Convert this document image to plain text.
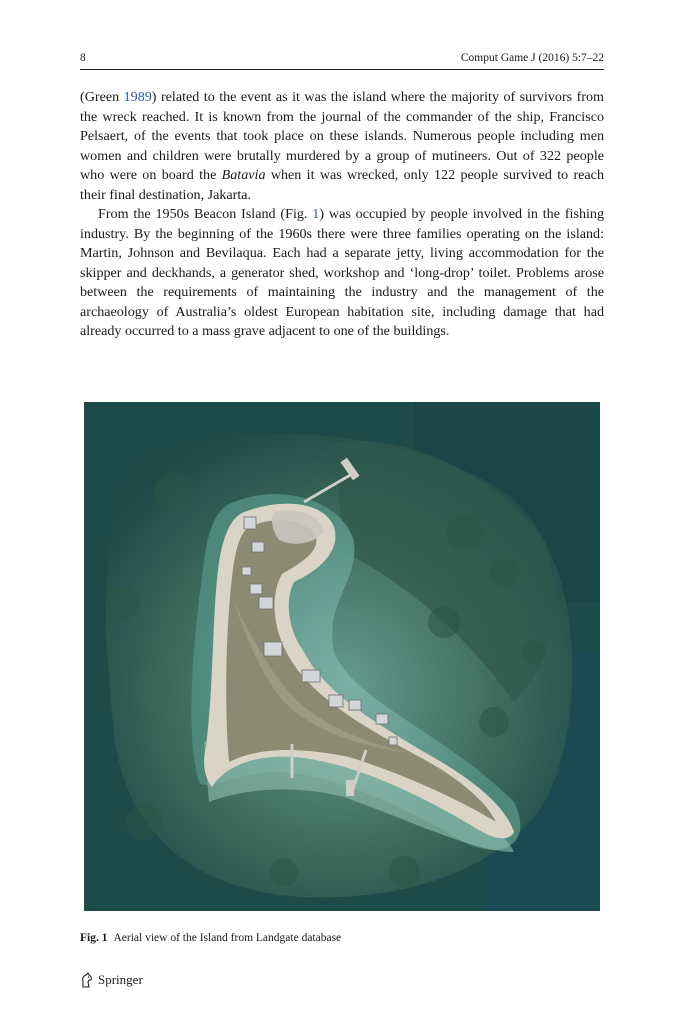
8	Comput Game J (2016) 5:7–22

(Green 1989) related to the event as it was the island where the majority of survivors from the wreck reached. It is known from the journal of the commander of the ship, Francisco Pelsaert, of the events that took place on these islands. Numerous people including men women and children were brutally murdered by a group of mutineers. Out of 322 people who were on board the Batavia when it was wrecked, only 122 people survived to reach their final destination, Jakarta.

From the 1950s Beacon Island (Fig. 1) was occupied by people involved in the fishing industry. By the beginning of the 1960s there were three families operating on the island: Martin, Johnson and Bevilaqua. Each had a separate jetty, living accommodation for the skipper and deckhands, a generator shed, workshop and ‘long-drop’ toilet. Problems arose between the requirements of maintaining the industry and the management of the archaeology of Australia’s oldest European habitation site, including damage that had already occurred to a mass grave adjacent to one of the buildings.

Fig. 1 Aerial view of the Island from Landgate database
Springer
